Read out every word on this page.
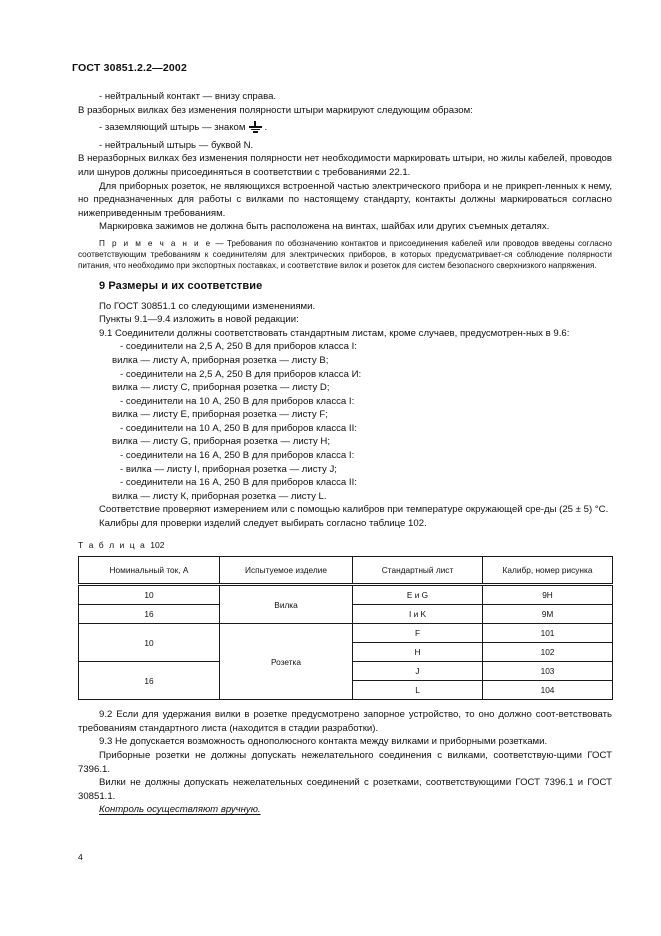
ГОСТ 30851.2.2—2002

- нейтральный контакт — внизу справа.

В разборных вилках без изменения полярности штыри маркируют следующим образом:

- заземляющий штырь — знаком .

- нейтральный штырь — буквой N.

В неразборных вилках без изменения полярности нет необходимости маркировать штыри, но жилы кабелей, проводов или шнуров должны присоединяться в соответствии с требованиями 22.1.

Для приборных розеток, не являющихся встроенной частью электрического прибора и не прикреп-ленных к нему, но предназначенных для работы с вилками по настоящему стандарту, контакты должны маркироваться согласно нижеприведенным требованиям.

Маркировка зажимов не должна быть расположена на винтах, шайбах или других съемных деталях.

П р и м е ч а н и е — Требования по обозначению контактов и присоединения кабелей или проводов введены согласно соответствующим требованиям к соединителям для электрических приборов, в которых предусматривает-ся соблюдение полярности питания, что необходимо при экспортных поставках, и соответствие вилок и розеток для систем безопасного сверхнизкого напряжения.

9 Размеры и их соответствие

По ГОСТ 30851.1 со следующими изменениями.

Пункты 9.1—9.4 изложить в новой редакции:

9.1 Соединители должны соответствовать стандартным листам, кроме случаев, предусмотрен-ных в 9.6:

- соединители на 2,5 А, 250 В для приборов класса I:

вилка — листу А, приборная розетка — листу В;

- соединители на 2,5 А, 250 В для приборов класса И:

вилка — листу С, приборная розетка — листу D;

- соединители на 10 А, 250 В для приборов класса I:

вилка — листу Е, приборная розетка — листу F;

- соединители на 10 А, 250 В для приборов класса II:

вилка — листу G, приборная розетка — листу H;

- соединители на 16 А, 250 В для приборов класса I:

- вилка — листу I, приборная розетка — листу J;

- соединители на 16 А, 250 В для приборов класса II:

вилка — листу К, приборная розетка — листу L.

Соответствие проверяют измерением или с помощью калибров при температуре окружающей сре-ды (25 ± 5) °С.

Калибры для проверки изделий следует выбирать согласно таблице 102.

Т а б л и ц а 102

Номинальный ток, А	Испытуемое изделие	Стандартный лист	Калибр, номер рисунка
10	Вилка	E и G	9H
16		I и K	9M
10	Розетка	F	101
		H	102
16		J	103
		L	104

9.2 Если для удержания вилки в розетке предусмотрено запорное устройство, то оно должно соот-ветствовать требованиям стандартного листа (находится в стадии разработки).

9.3 Не допускается возможность однополюсного контакта между вилками и приборными розетками.

Приборные розетки не должны допускать нежелательного соединения с вилками, соответствую-щими ГОСТ 7396.1.

Вилки не должны допускать нежелательных соединений с розетками, соответствующими ГОСТ 7396.1 и ГОСТ 30851.1.

Контроль осуществляют вручную.

4
